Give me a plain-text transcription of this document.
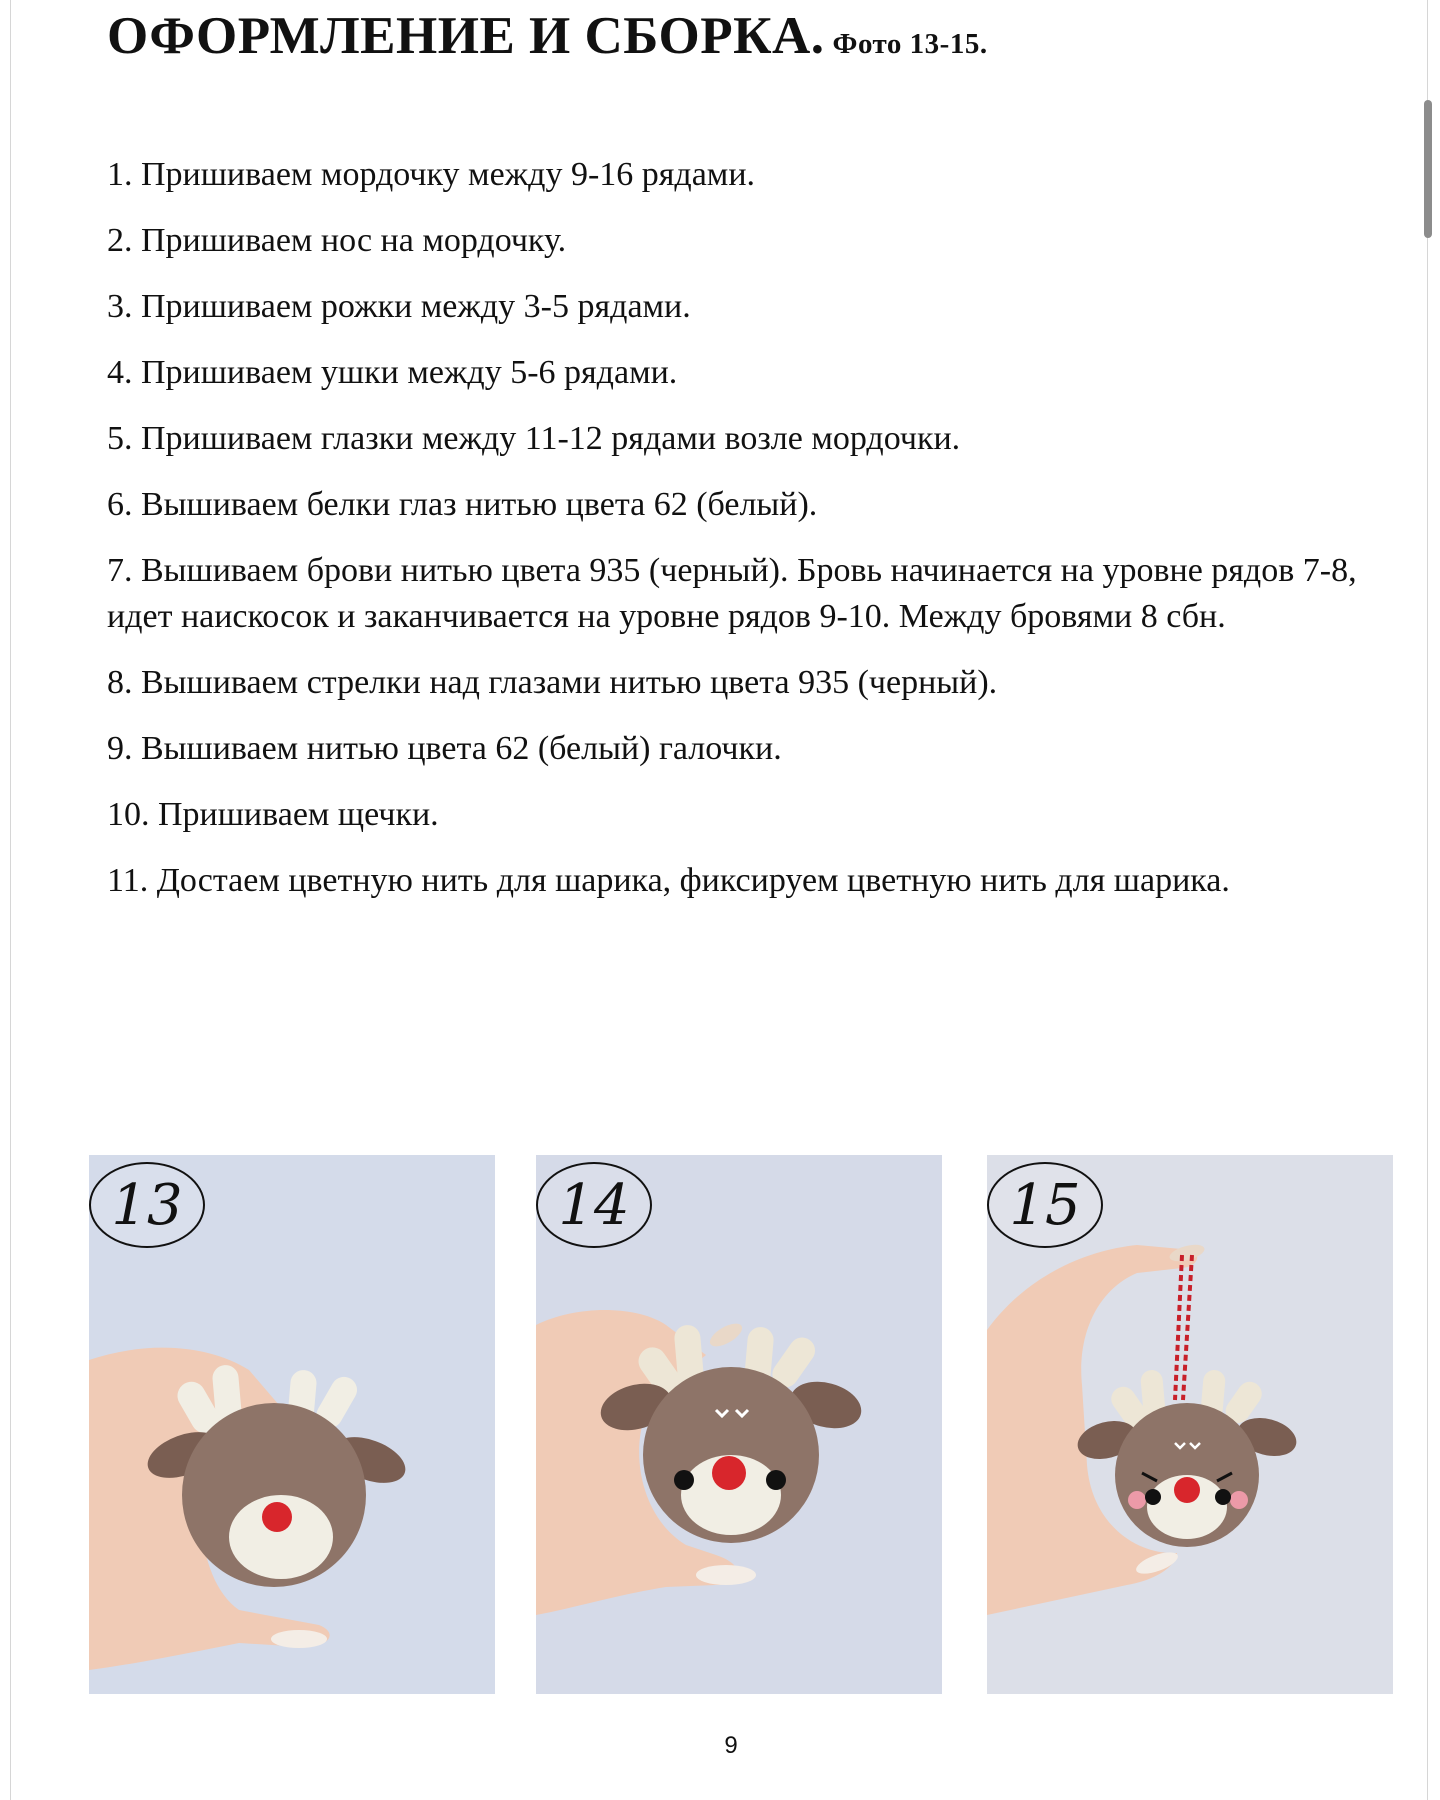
ОФОРМЛЕНИЕ И СБОРКА. Фото 13-15.

1. Пришиваем мордочку между 9-16 рядами.

2. Пришиваем нос на мордочку.

3. Пришиваем рожки между 3-5 рядами.

4. Пришиваем ушки между 5-6 рядами.

5. Пришиваем глазки между 11-12 рядами возле мордочки.

6. Вышиваем белки глаз нитью цвета 62 (белый).

7. Вышиваем брови нитью цвета 935 (черный). Бровь начинается на уровне рядов 7-8, идет наискосок и заканчивается на уровне рядов 9-10. Между бровями 8 сбн.

8. Вышиваем стрелки над глазами нитью цвета 935 (черный).

9. Вышиваем нитью цвета 62 (белый) галочки.

10. Пришиваем щечки.

11. Достаем цветную нить для шарика, фиксируем цветную нить для шарика.

13	14	15
9
